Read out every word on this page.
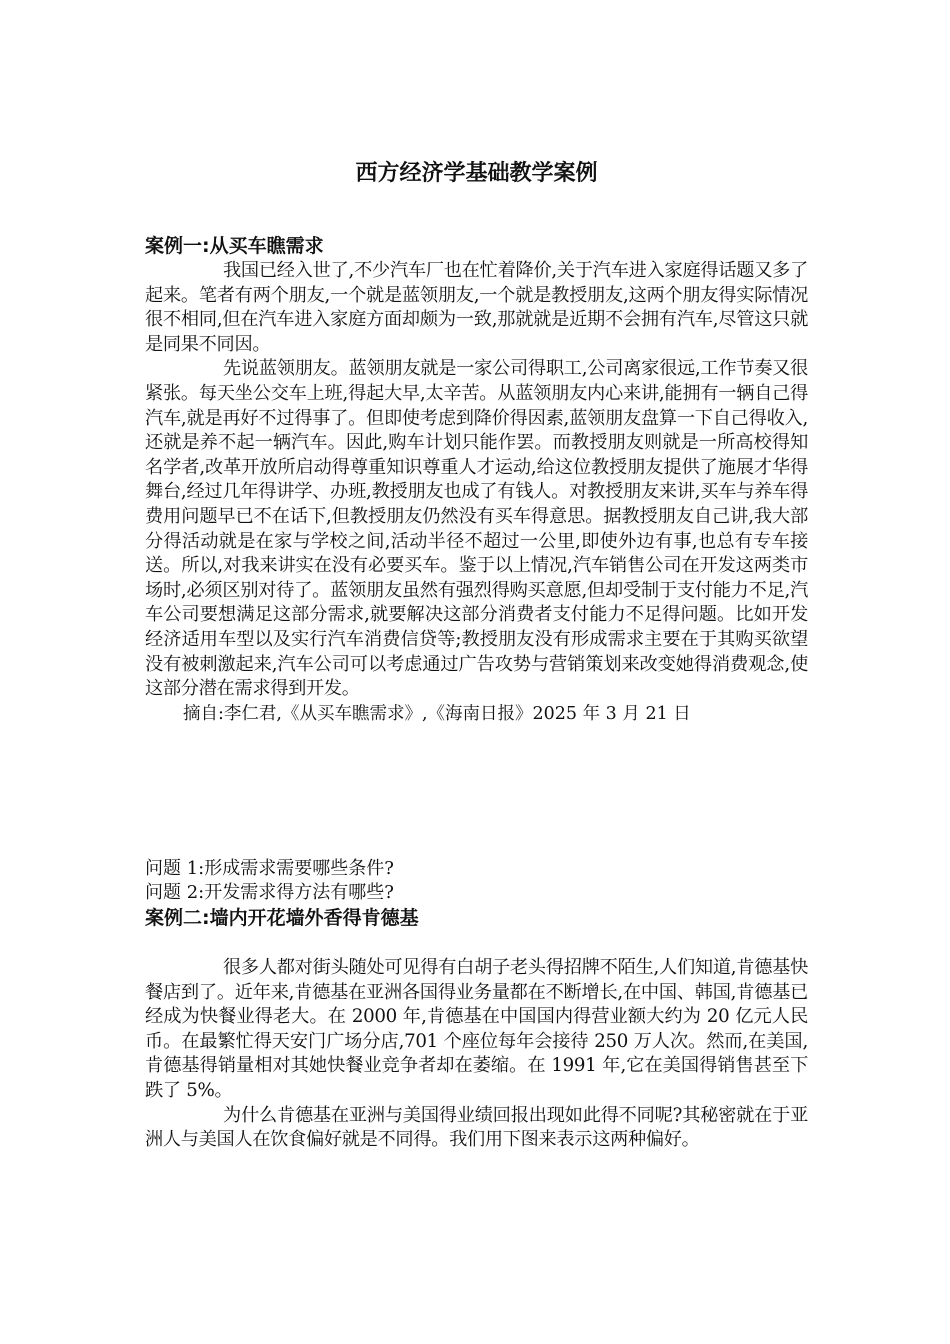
西方经济学基础教学案例
案例一:从买车瞧需求

我国已经入世了,不少汽车厂也在忙着降价,关于汽车进入家庭得话题又多了起来。笔者有两个朋友,一个就是蓝领朋友,一个就是教授朋友,这两个朋友得实际情况很不相同,但在汽车进入家庭方面却颇为一致,那就就是近期不会拥有汽车,尽管这只就是同果不同因。

先说蓝领朋友。蓝领朋友就是一家公司得职工,公司离家很远,工作节奏又很紧张。每天坐公交车上班,得起大早,太辛苦。从蓝领朋友内心来讲,能拥有一辆自己得汽车,就是再好不过得事了。但即使考虑到降价得因素,蓝领朋友盘算一下自己得收入,还就是养不起一辆汽车。因此,购车计划只能作罢。而教授朋友则就是一所高校得知名学者,改革开放所启动得尊重知识尊重人才运动,给这位教授朋友提供了施展才华得舞台,经过几年得讲学、办班,教授朋友也成了有钱人。对教授朋友来讲,买车与养车得费用问题早已不在话下,但教授朋友仍然没有买车得意思。据教授朋友自己讲,我大部分得活动就是在家与学校之间,活动半径不超过一公里,即使外边有事,也总有专车接送。所以,对我来讲实在没有必要买车。鉴于以上情况,汽车销售公司在开发这两类市场时,必须区别对待了。蓝领朋友虽然有强烈得购买意愿,但却受制于支付能力不足,汽车公司要想满足这部分需求,就要解决这部分消费者支付能力不足得问题。比如开发经济适用车型以及实行汽车消费信贷等;教授朋友没有形成需求主要在于其购买欲望没有被刺激起来,汽车公司可以考虑通过广告攻势与营销策划来改变她得消费观念,使这部分潜在需求得到开发。

摘自:李仁君,《从买车瞧需求》,《海南日报》2025 年 3 月 21 日

问题 1:形成需求需要哪些条件?

问题 2:开发需求得方法有哪些?

案例二:墙内开花墙外香得肯德基

很多人都对街头随处可见得有白胡子老头得招牌不陌生,人们知道,肯德基快餐店到了。近年来,肯德基在亚洲各国得业务量都在不断增长,在中国、韩国,肯德基已经成为快餐业得老大。在 2000 年,肯德基在中国国内得营业额大约为 20 亿元人民币。在最繁忙得天安门广场分店,701 个座位每年会接待 250 万人次。然而,在美国,肯德基得销量相对其她快餐业竞争者却在萎缩。在 1991 年,它在美国得销售甚至下跌了 5%。

为什么肯德基在亚洲与美国得业绩回报出现如此得不同呢?其秘密就在于亚洲人与美国人在饮食偏好就是不同得。我们用下图来表示这两种偏好。
